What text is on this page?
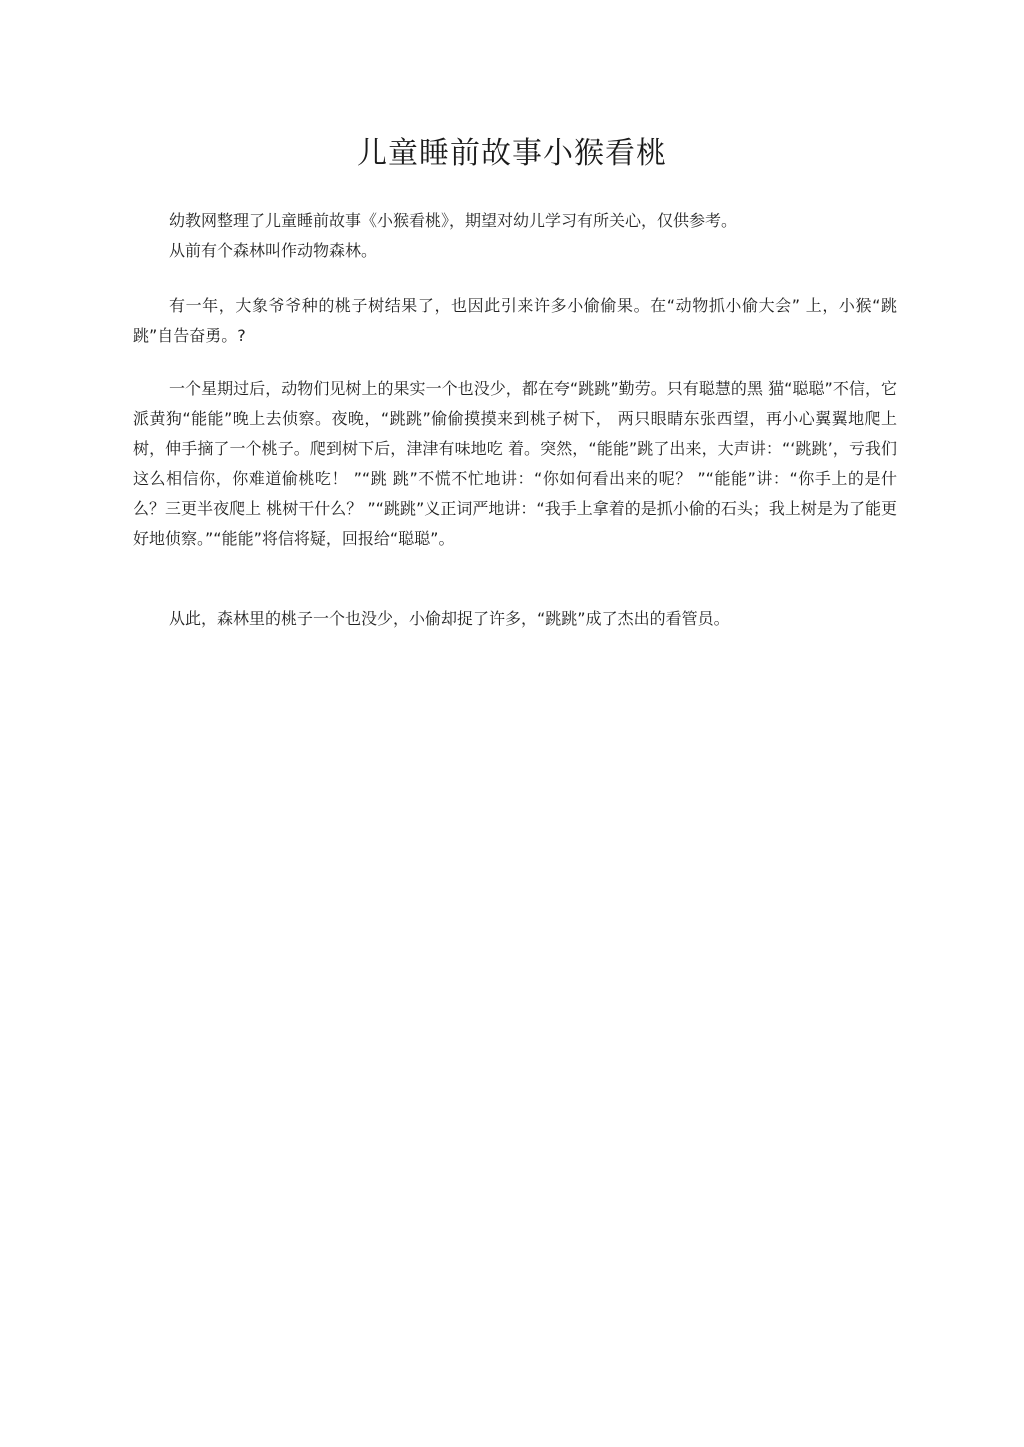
儿童睡前故事小猴看桃

幼教网整理了儿童睡前故事《小猴看桃》，期望对幼儿学习有所关心，仅供参考。

从前有个森林叫作动物森林。

有一年，大象爷爷种的桃子树结果了，也因此引来许多小偷偷果。在“动物抓小偷大会” 上，小猴“跳跳”自告奋勇。?

一个星期过后，动物们见树上的果实一个也没少，都在夸“跳跳”勤劳。只有聪慧的黑 猫“聪聪”不信，它派黄狗“能能”晚上去侦察。夜晚，“跳跳”偷偷摸摸来到桃子树下， 两只眼睛东张西望，再小心翼翼地爬上树，伸手摘了一个桃子。爬到树下后，津津有味地吃 着。突然，“能能”跳了出来，大声讲：“‘跳跳’，亏我们这么相信你，你难道偷桃吃！ ”“跳 跳”不慌不忙地讲：“你如何看出来的呢？ ”“能能”讲：“你手上的是什么？三更半夜爬上 桃树干什么？ ”“跳跳”义正词严地讲：“我手上拿着的是抓小偷的石头；我上树是为了能更 好地侦察。”“能能”将信将疑，回报给“聪聪”。

从此，森林里的桃子一个也没少，小偷却捉了许多，“跳跳”成了杰出的看管员。
